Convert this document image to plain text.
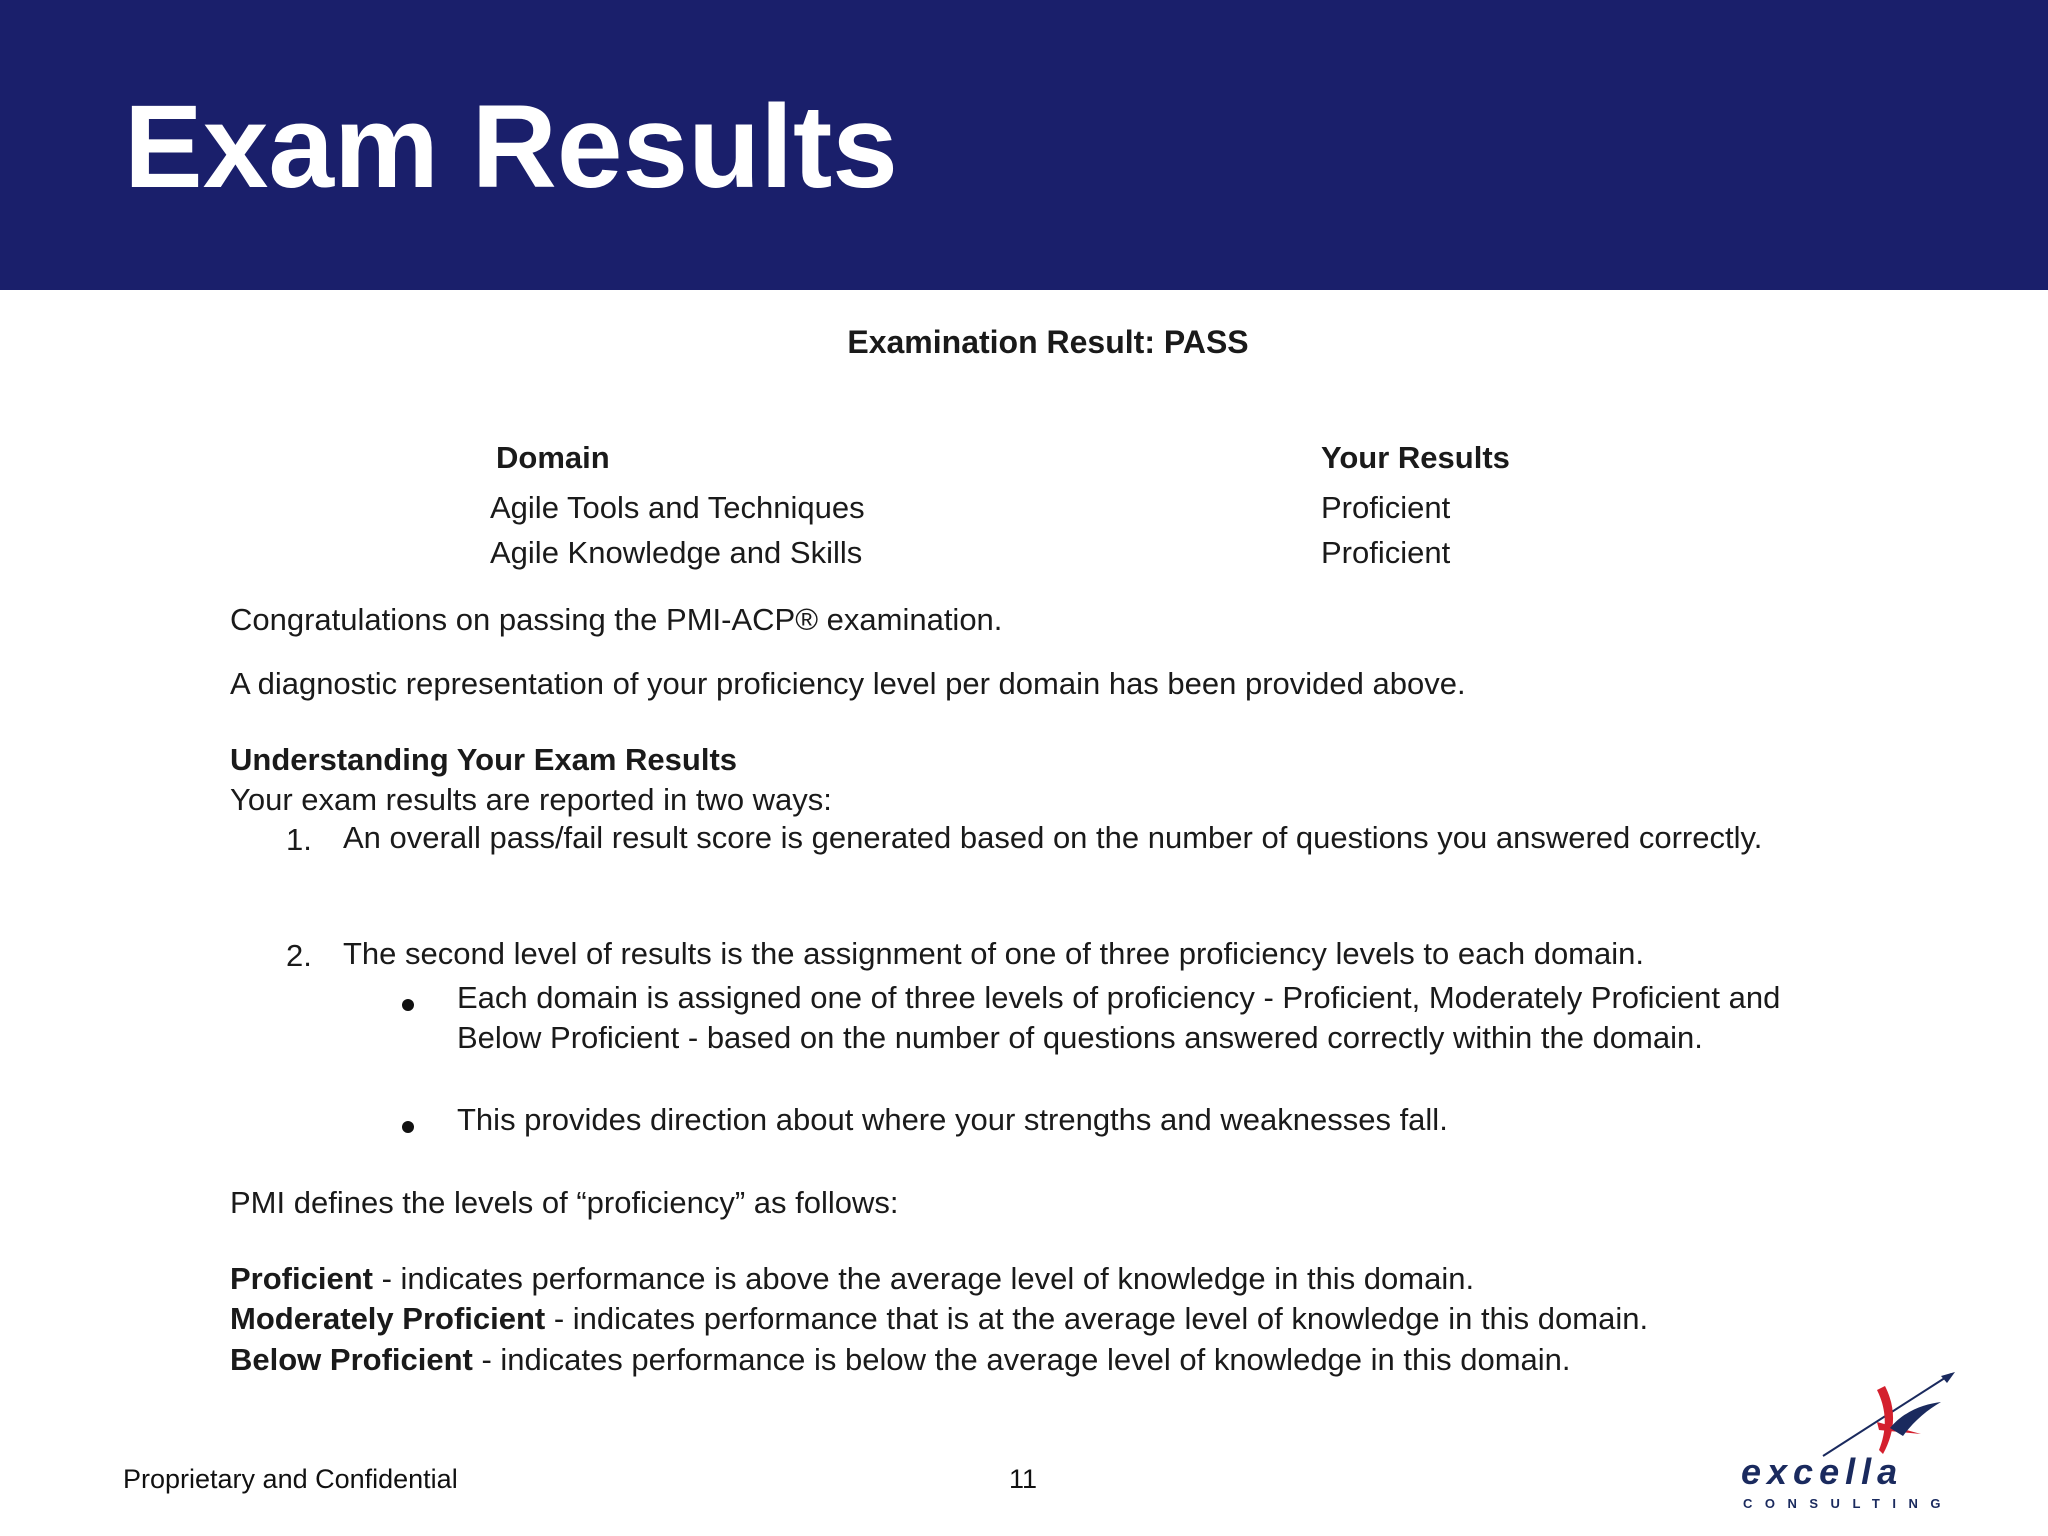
Exam Results

Examination Result: PASS

Domain	Your Results
Agile Tools and Techniques	Proficient
Agile Knowledge and Skills	Proficient

Congratulations on passing the PMI-ACP® examination.

A diagnostic representation of your proficiency level per domain has been provided above.

Understanding Your Exam Results

Your exam results are reported in two ways:

1. An overall pass/fail result score is generated based on the number of questions you answered correctly.

2. The second level of results is the assignment of one of three proficiency levels to each domain.

Each domain is assigned one of three levels of proficiency - Proficient, Moderately Proficient and Below Proficient - based on the number of questions answered correctly within the domain.

This provides direction about where your strengths and weaknesses fall.

PMI defines the levels of “proficiency” as follows:

Proficient - indicates performance is above the average level of knowledge in this domain.

Moderately Proficient - indicates performance that is at the average level of knowledge in this domain.

Below Proficient - indicates performance is below the average level of knowledge in this domain.

Proprietary and Confidential	11	excella
CONSULTING
